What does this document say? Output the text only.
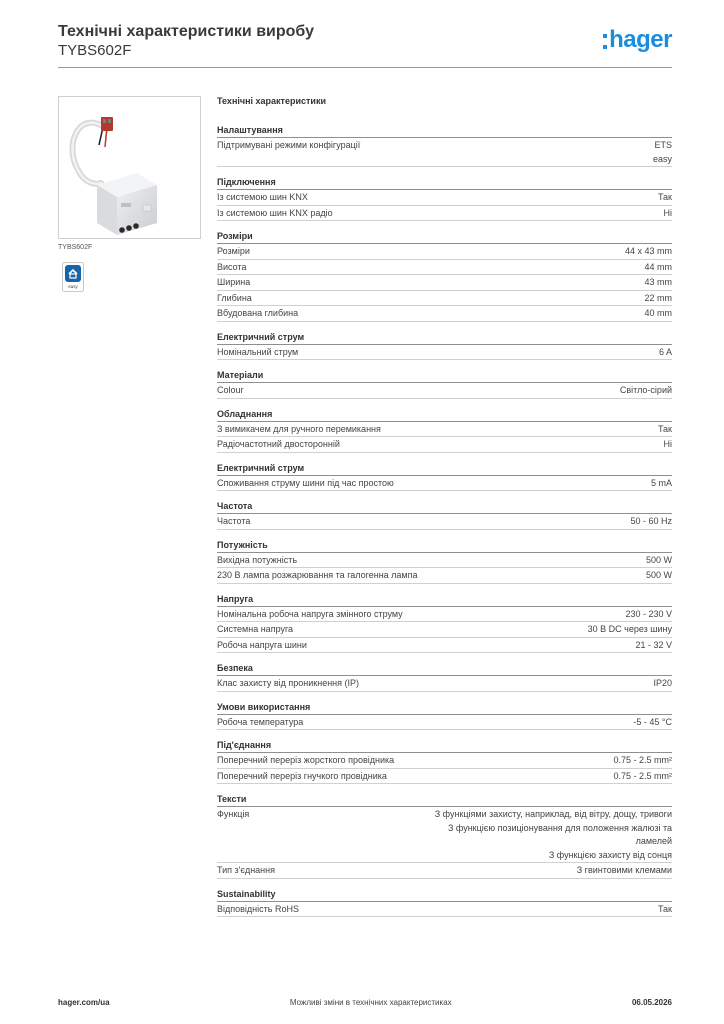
Технічні характеристики виробу
TYBS602F	hager
TYBS602F
easy
Технічні характеристики
Налаштування
Підтримувані режими конфігурації	ETS
easy
Підключення
Із системою шин KNX	Так
Із системою шин KNX радіо	Ні
Розміри
Розміри	44 x 43 mm
Висота	44 mm
Ширина	43 mm
Глибина	22 mm
Вбудована глибина	40 mm
Електричний струм
Номінальний струм	6 A
Матеріали
Colour	Світло-сірий
Обладнання
З вимикачем для ручного перемикання	Так
Радіочастотний двосторонній	Ні
Електричний струм
Споживання струму шини під час простою	5 mA
Частота
Частота	50 - 60 Hz
Потужність
Вихідна потужність	500 W
230 В лампа розжарювання та галогенна лампа	500 W
Напруга
Номінальна робоча напруга змінного струму	230 - 230 V
Системна напруга	30 В DC через шину
Робоча напруга шини	21 - 32 V
Безпека
Клас захисту від проникнення (IP)	IP20
Умови використання
Робоча температура	-5 - 45 °C
Під'єднання
Поперечний переріз жорсткого провідника	0.75 - 2.5 mm²
Поперечний переріз гнучкого провідника	0.75 - 2.5 mm²
Тексти
Функція	З функціями захисту, наприклад, від вітру, дощу, тривоги
З функцією позиціонування для положення жалюзі та ламелей
З функцією захисту від сонця
Тип з'єднання	З гвинтовими клемами
Sustainability
Відповідність RoHS	Так
hager.com/ua	Можливі зміни в технічних характеристиках	06.05.2026
